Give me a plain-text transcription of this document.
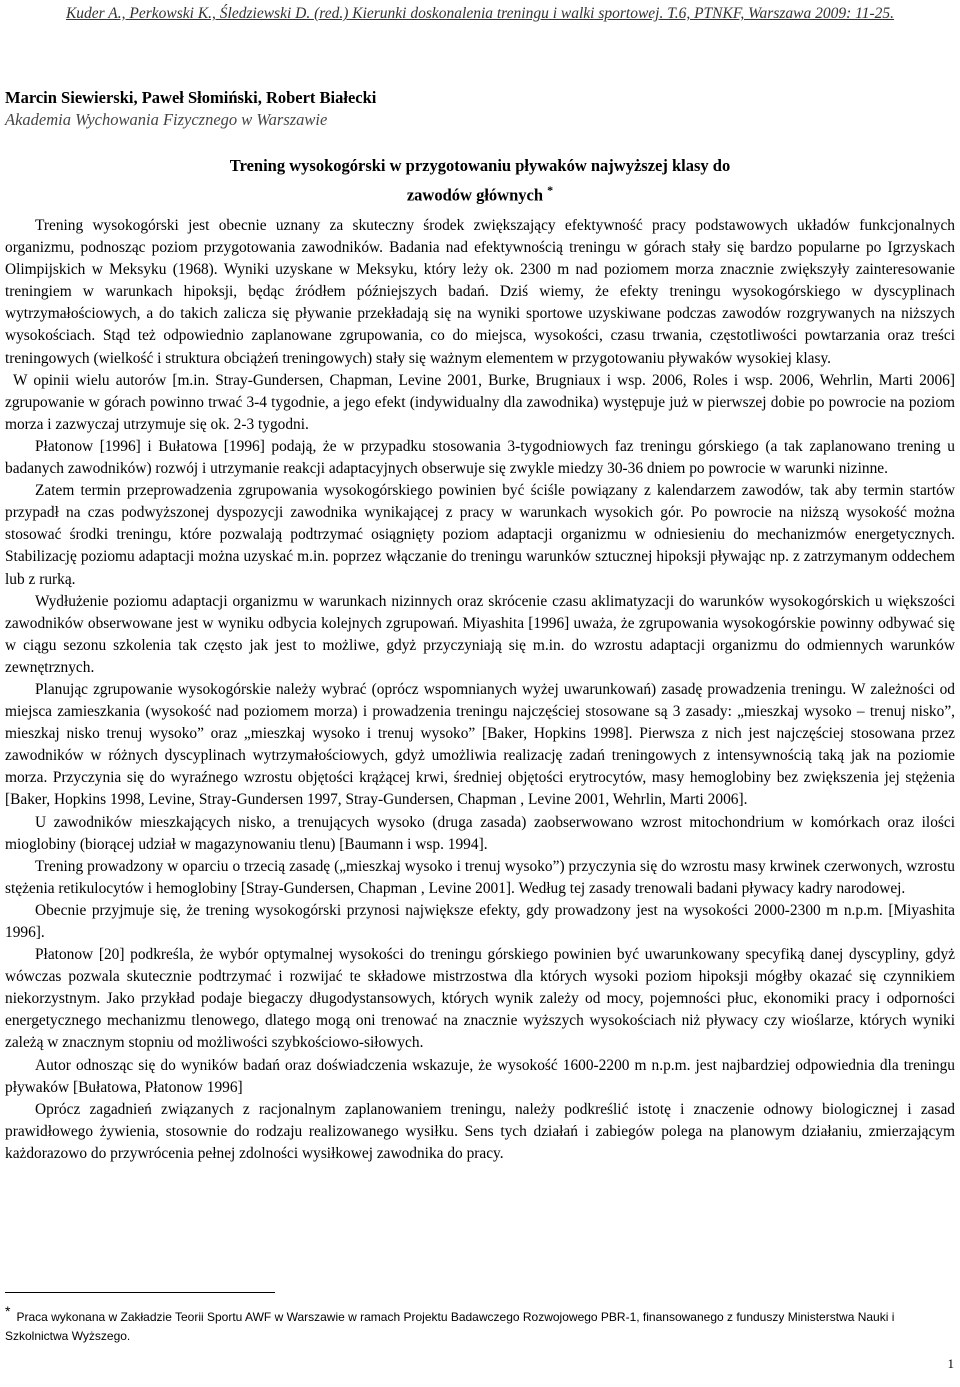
Kuder A., Perkowski K., Śledziewski D. (red.) Kierunki doskonalenia treningu i walki sportowej. T.6, PTNKF, Warszawa 2009: 11-25.
Marcin Siewierski, Paweł Słomiński, Robert Białecki
Akademia Wychowania Fizycznego w Warszawie
Trening wysokogórski w przygotowaniu pływaków najwyższej klasy do zawodów głównych *

Trening wysokogórski jest obecnie uznany za skuteczny środek zwiększający efektywność pracy podstawowych układów funkcjonalnych organizmu, podnosząc poziom przygotowania zawodników. Badania nad efektywnością treningu w górach stały się bardzo popularne po Igrzyskach Olimpijskich w Meksyku (1968). Wyniki uzyskane w Meksyku, który leży ok. 2300 m nad poziomem morza znacznie zwiększyły zainteresowanie treningiem w warunkach hipoksji, będąc źródłem późniejszych badań. Dziś wiemy, że efekty treningu wysokogórskiego w dyscyplinach wytrzymałościowych, a do takich zalicza się pływanie przekładają się na wyniki sportowe uzyskiwane podczas zawodów rozgrywanych na niższych wysokościach. Stąd też odpowiednio zaplanowane zgrupowania, co do miejsca, wysokości, czasu trwania, częstotliwości powtarzania oraz treści treningowych (wielkość i struktura obciążeń treningowych) stały się ważnym elementem w przygotowaniu pływaków wysokiej klasy.

W opinii wielu autorów [m.in. Stray-Gundersen, Chapman, Levine 2001, Burke, Brugniaux i wsp. 2006, Roles i wsp. 2006, Wehrlin, Marti 2006] zgrupowanie w górach powinno trwać 3-4 tygodnie, a jego efekt (indywidualny dla zawodnika) występuje już w pierwszej dobie po powrocie na poziom morza i zazwyczaj utrzymuje się ok. 2-3 tygodni.

Płatonow [1996] i Bułatowa [1996] podają, że w przypadku stosowania 3-tygodniowych faz treningu górskiego (a tak zaplanowano trening u badanych zawodników) rozwój i utrzymanie reakcji adaptacyjnych obserwuje się zwykle miedzy 30-36 dniem po powrocie w warunki nizinne.

Zatem termin przeprowadzenia zgrupowania wysokogórskiego powinien być ściśle powiązany z kalendarzem zawodów, tak aby termin startów przypadł na czas podwyższonej dyspozycji zawodnika wynikającej z pracy w warunkach wysokich gór. Po powrocie na niższą wysokość można stosować środki treningu, które pozwalają podtrzymać osiągnięty poziom adaptacji organizmu w odniesieniu do mechanizmów energetycznych. Stabilizację poziomu adaptacji można uzyskać m.in. poprzez włączanie do treningu warunków sztucznej hipoksji pływając np. z zatrzymanym oddechem lub z rurką.

Wydłużenie poziomu adaptacji organizmu w warunkach nizinnych oraz skrócenie czasu aklimatyzacji do warunków wysokogórskich u większości zawodników obserwowane jest w wyniku odbycia kolejnych zgrupowań. Miyashita [1996] uważa, że zgrupowania wysokogórskie powinny odbywać się w ciągu sezonu szkolenia tak często jak jest to możliwe, gdyż przyczyniają się m.in. do wzrostu adaptacji organizmu do odmiennych warunków zewnętrznych.

Planując zgrupowanie wysokogórskie należy wybrać (oprócz wspomnianych wyżej uwarunkowań) zasadę prowadzenia treningu. W zależności od miejsca zamieszkania (wysokość nad poziomem morza) i prowadzenia treningu najczęściej stosowane są 3 zasady: „mieszkaj wysoko – trenuj nisko”, mieszkaj nisko trenuj wysoko” oraz „mieszkaj wysoko i trenuj wysoko” [Baker, Hopkins 1998]. Pierwsza z nich jest najczęściej stosowana przez zawodników w różnych dyscyplinach wytrzymałościowych, gdyż umożliwia realizację zadań treningowych z intensywnością taką jak na poziomie morza. Przyczynia się do wyraźnego wzrostu objętości krążącej krwi, średniej objętości erytrocytów, masy hemoglobiny bez zwiększenia jej stężenia [Baker, Hopkins 1998, Levine, Stray-Gundersen 1997, Stray-Gundersen, Chapman , Levine 2001, Wehrlin, Marti 2006].

U zawodników mieszkających nisko, a trenujących wysoko (druga zasada) zaobserwowano wzrost mitochondrium w komórkach oraz ilości mioglobiny (biorącej udział w magazynowaniu tlenu) [Baumann i wsp. 1994].

Trening prowadzony w oparciu o trzecią zasadę („mieszkaj wysoko i trenuj wysoko”) przyczynia się do wzrostu masy krwinek czerwonych, wzrostu stężenia retikulocytów i hemoglobiny [Stray-Gundersen, Chapman , Levine 2001]. Według tej zasady trenowali badani pływacy kadry narodowej.

Obecnie przyjmuje się, że trening wysokogórski przynosi największe efekty, gdy prowadzony jest na wysokości 2000-2300 m n.p.m. [Miyashita 1996].

Płatonow [20] podkreśla, że wybór optymalnej wysokości do treningu górskiego powinien być uwarunkowany specyfiką danej dyscypliny, gdyż wówczas pozwala skutecznie podtrzymać i rozwijać te składowe mistrzostwa dla których wysoki poziom hipoksji mógłby okazać się czynnikiem niekorzystnym. Jako przykład podaje biegaczy długodystansowych, których wynik zależy od mocy, pojemności płuc, ekonomiki pracy i odporności energetycznego mechanizmu tlenowego, dlatego mogą oni trenować na znacznie wyższych wysokościach niż pływacy czy wioślarze, których wyniki zależą w znacznym stopniu od możliwości szybkościowo-siłowych.

Autor odnosząc się do wyników badań oraz doświadczenia wskazuje, że wysokość 1600-2200 m n.p.m. jest najbardziej odpowiednia dla treningu pływaków [Bułatowa, Płatonow 1996]

Oprócz zagadnień związanych z racjonalnym zaplanowaniem treningu, należy podkreślić istotę i znaczenie odnowy biologicznej i zasad prawidłowego żywienia, stosownie do rodzaju realizowanego wysiłku. Sens tych działań i zabiegów polega na planowym działaniu, zmierzającym każdorazowo do przywrócenia pełnej zdolności wysiłkowej zawodnika do pracy.

* Praca wykonana w Zakładzie Teorii Sportu AWF w Warszawie w ramach Projektu Badawczego Rozwojowego PBR-1, finansowanego z funduszy Ministerstwa Nauki i Szkolnictwa Wyższego.
1
